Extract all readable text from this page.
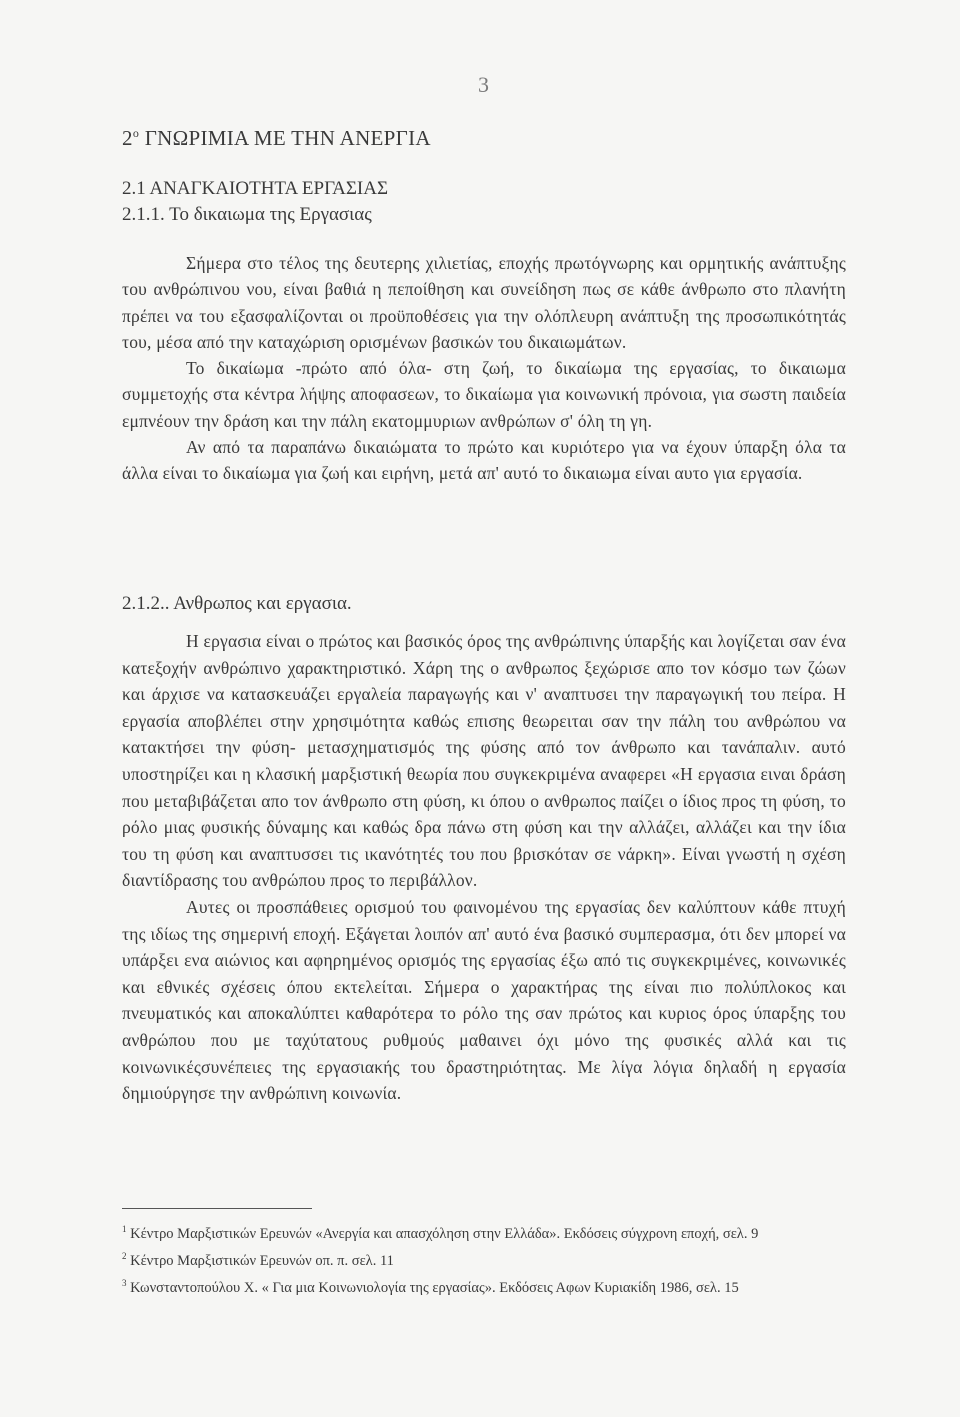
3
$2^o$ ΓΝΩΡΙΜΙΑ ΜΕ ΤΗΝ ΑΝΕΡΓΙΑ
2.1 ΑΝΑΓΚΑΙΟΤΗΤΑ ΕΡΓΑΣΙΑΣ
2.1.1. Το δικαιωμα της Εργασιας

Σήμερα στο τέλος της δευτερης χιλιετίας, εποχής πρωτόγνωρης και ορμητικής ανάπτυξης του ανθρώπινου νου, είναι βαθιά η πεποίθηση και συνείδηση πως σε κάθε άνθρωπο στο πλανήτη πρέπει να του εξασφαλίζονται οι προϋποθέσεις για την ολόπλευρη ανάπτυξη της προσωπικότητάς του, μέσα από την καταχώριση ορισμένων βασικών του δικαιωμάτων.

Το δικαίωμα -πρώτο από όλα- στη ζωή, το δικαίωμα της εργασίας, το δικαιωμα συμμετοχής στα κέντρα λήψης αποφασεων, το δικαίωμα για κοινωνική πρόνοια, για σωστη παιδεία εμπνέουν την δράση και την πάλη εκατομμυριων ανθρώπων σ' όλη τη γη.

Αν από τα παραπάνω δικαιώματα το πρώτο και κυριότερο για να έχουν ύπαρξη όλα τα άλλα είναι το δικαίωμα για ζωή και ειρήνη, μετά απ' αυτό το δικαιωμα είναι αυτο για εργασία.

2.1.2.. Ανθρωπος και εργασια.

Η εργασια είναι ο πρώτος και βασικός όρος της ανθρώπινης ύπαρξής και λογίζεται σαν ένα κατεξοχήν ανθρώπινο χαρακτηριστικό. Χάρη της ο ανθρωπος ξεχώρισε απο τον κόσμο των ζώων και άρχισε να κατασκευάζει εργαλεία παραγωγής και ν' αναπτυσει την παραγωγική του πείρα. Η εργασία αποβλέπει στην χρησιμότητα καθώς επισης θεωρειται σαν την πάλη του ανθρώπου να κατακτήσει την φύση- μετασχηματισμός της φύσης από τον άνθρωπο και τανάπαλιν. αυτό υποστηρίζει και η κλασική μαρξιστική θεωρία που συγκεκριμένα αναφερει «Η εργασια ειναι δράση που μεταβιβάζεται απο τον άνθρωπο στη φύση, κι όπου ο ανθρωπος παίζει ο ίδιος προς τη φύση, το ρόλο μιας φυσικής δύναμης και καθώς δρα πάνω στη φύση και την αλλάζει, αλλάζει και την ίδια του τη φύση και αναπτυσσει τις ικανότητές του που βρισκόταν σε νάρκη». Είναι γνωστή η σχέση διαντίδρασης του ανθρώπου προς το περιβάλλον.

Αυτες οι προσπάθειες ορισμού του φαινομένου της εργασίας δεν καλύπτουν κάθε πτυχή της ιδίως της σημερινή εποχή. Εξάγεται λοιπόν απ' αυτό ένα βασικό συμπερασμα, ότι δεν μπορεί να υπάρξει ενα αιώνιος και αφηρημένος ορισμός της εργασίας έξω από τις συγκεκριμένες, κοινωνικές και εθνικές σχέσεις όπου εκτελείται. Σήμερα ο χαρακτήρας της είναι πιο πολύπλοκος και πνευματικός και αποκαλύπτει καθαρότερα το ρόλο της σαν πρώτος και κυριος όρος ύπαρξης του ανθρώπου που με ταχύτατους ρυθμούς μαθαινει όχι μόνο της φυσικές αλλά και τις κοινωνικέςσυνέπειες της εργασιακής του δραστηριότητας. Με λίγα λόγια δηλαδή η εργασία δημιούργησε την ανθρώπινη κοινωνία.

$^1$ Κέντρο Μαρξιστικών Ερευνών «Ανεργία και απασχόληση στην Ελλάδα». Εκδόσεις σύγχρονη εποχή, σελ. 9

$^2$ Κέντρο Μαρξιστικών Ερευνών οπ. π. σελ. 11

$^3$ Κωνσταντοπούλου Χ. « Για μια Κοινωνιολογία της εργασίας». Εκδόσεις Αφων Κυριακίδη 1986, σελ. 15
